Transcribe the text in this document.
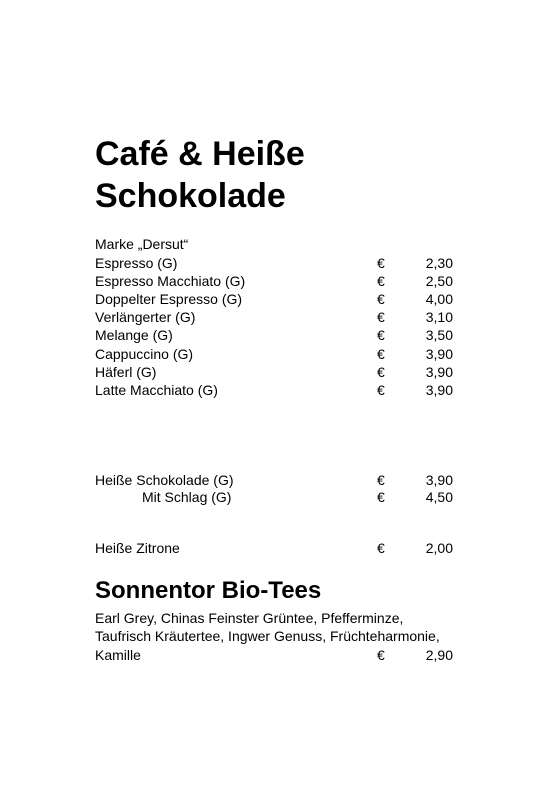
Café & Heiße
Schokolade
Marke „Dersut“
Espresso (G)	€	2,30
Espresso Macchiato (G)	€	2,50
Doppelter Espresso (G)	€	4,00
Verlängerter (G)	€	3,10
Melange (G)	€	3,50
Cappuccino (G)	€	3,90
Häferl (G)	€	3,90
Latte Macchiato (G)	€	3,90
Heiße Schokolade (G)	€	3,90
Mit Schlag (G)	€	4,50
Heiße Zitrone	€	2,00
Sonnentor Bio-Tees
Earl Grey, Chinas Feinster Grüntee, Pfefferminze,
Taufrisch Kräutertee, Ingwer Genuss, Früchteharmonie,
Kamille	€	2,90
